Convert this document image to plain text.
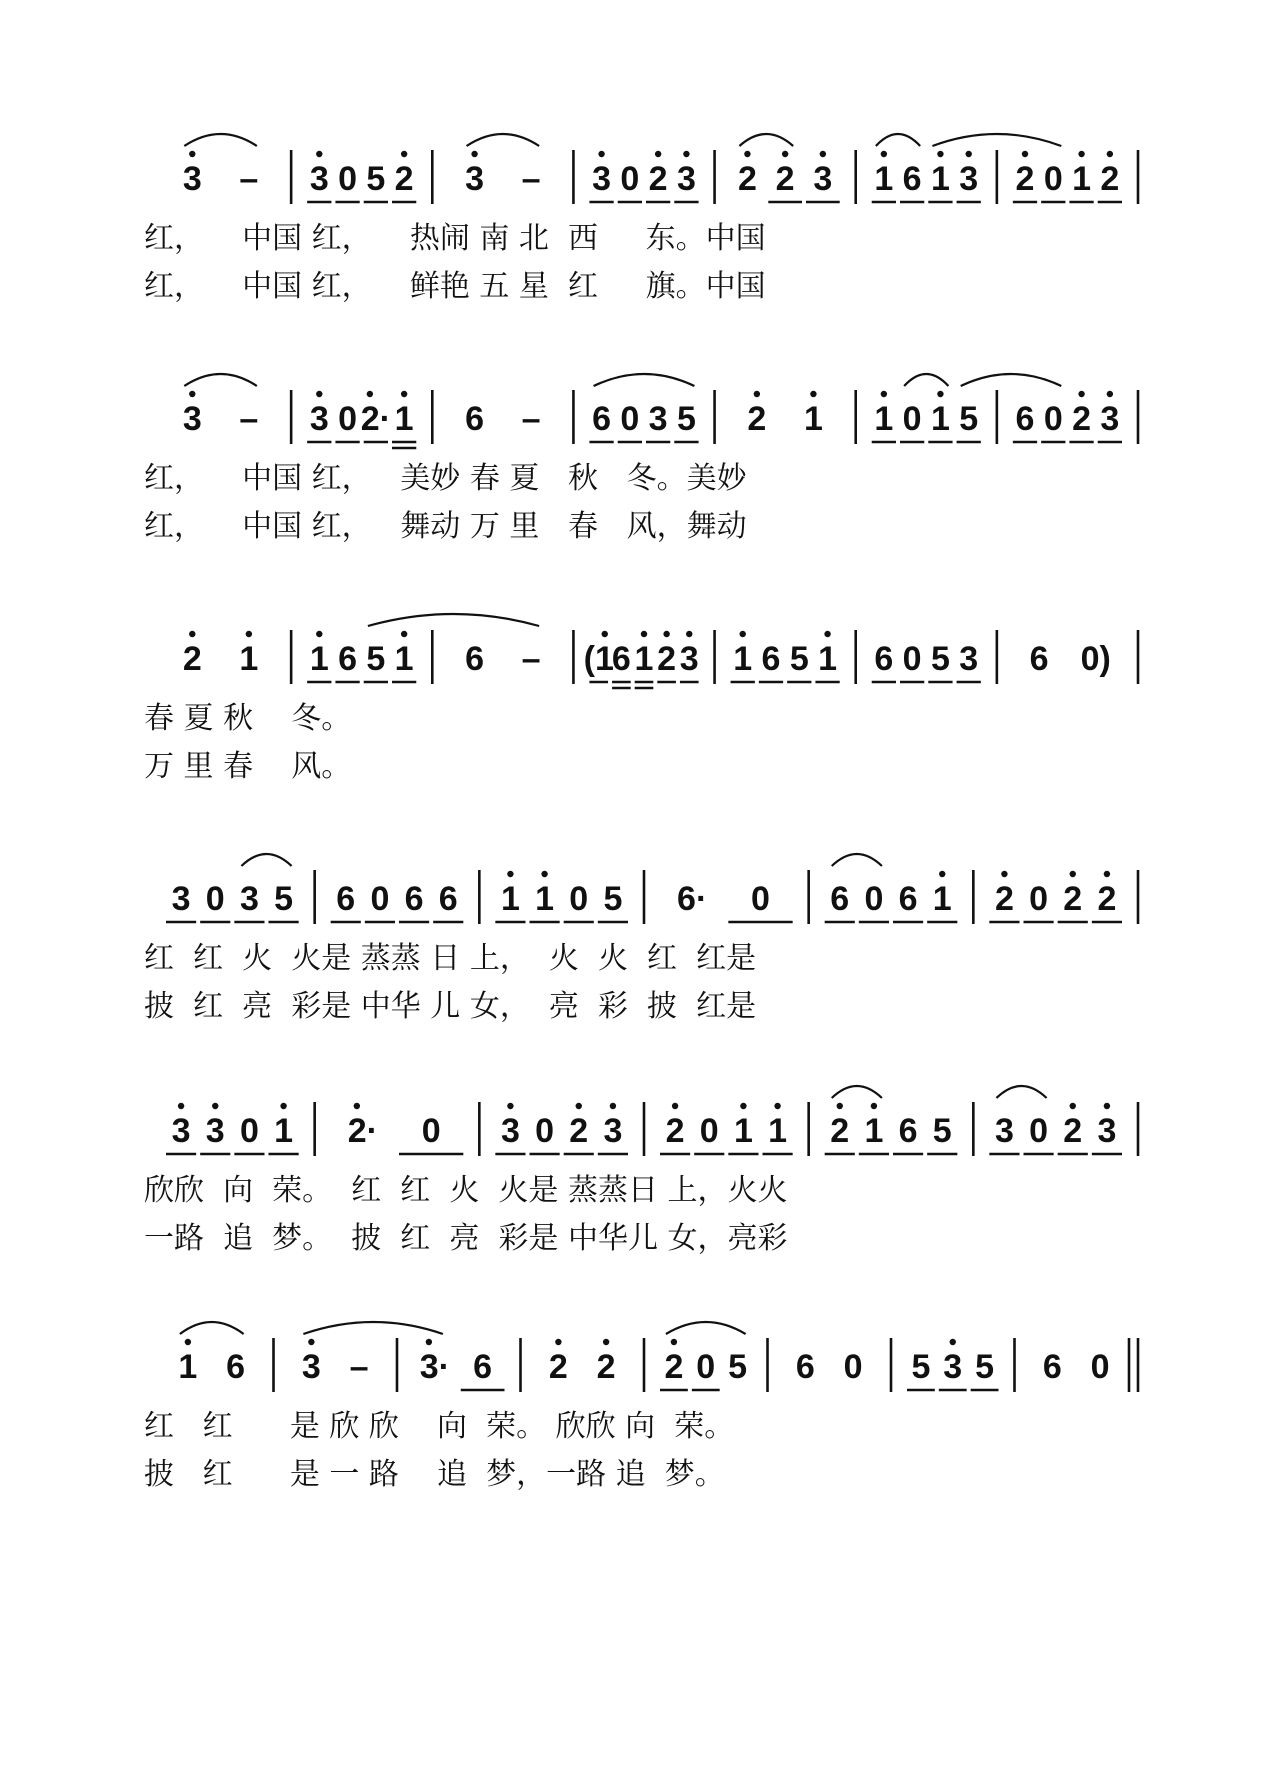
3 – 3 0 5 2 3 – 3 0 2 3 2 2 3 1 6 1 3 2 0 1 2
红，    中国 红，    热闹 南 北  西     东。中国
红，    中国 红，    鲜艳 五 星  红     旗。中国
3 – 3 0 2· 1 6 – 6 0 3 5 2 1 1 0 1 5 6 0 2 3
红，    中国 红，   美妙 春 夏   秋   冬。美妙
红，    中国 红，   舞动 万 里   春   风，舞动
2 1 1 6 5 1 6 – (1
6 1 2 3 1 6 5 1 6 0 5 3 6 0)
春 夏 秋    冬。
万 里 春    风。
3 0 3 5 6 0 6 6 1 1 0 5 6· 0 6 0 6 1 2 0 2 2
红  红  火  火是 蒸蒸 日 上，  火  火  红  红是
披  红  亮  彩是 中华 儿 女，  亮  彩  披  红是
3 3 0 1 2· 0 3 0 2 3 2 0 1 1 2 1 6 5 3 0 2 3
欣欣  向  荣。  红  红  火  火是 蒸蒸日 上，火火
一路  追  梦。  披  红  亮  彩是 中华儿 女，亮彩
1 6 3 – 3· 6 2 2 2 0 5 6 0 5 3 5 6 0
红   红      是 欣 欣    向  荣。 欣欣 向  荣。
披   红      是 一 路    追  梦，一路 追  梦。
